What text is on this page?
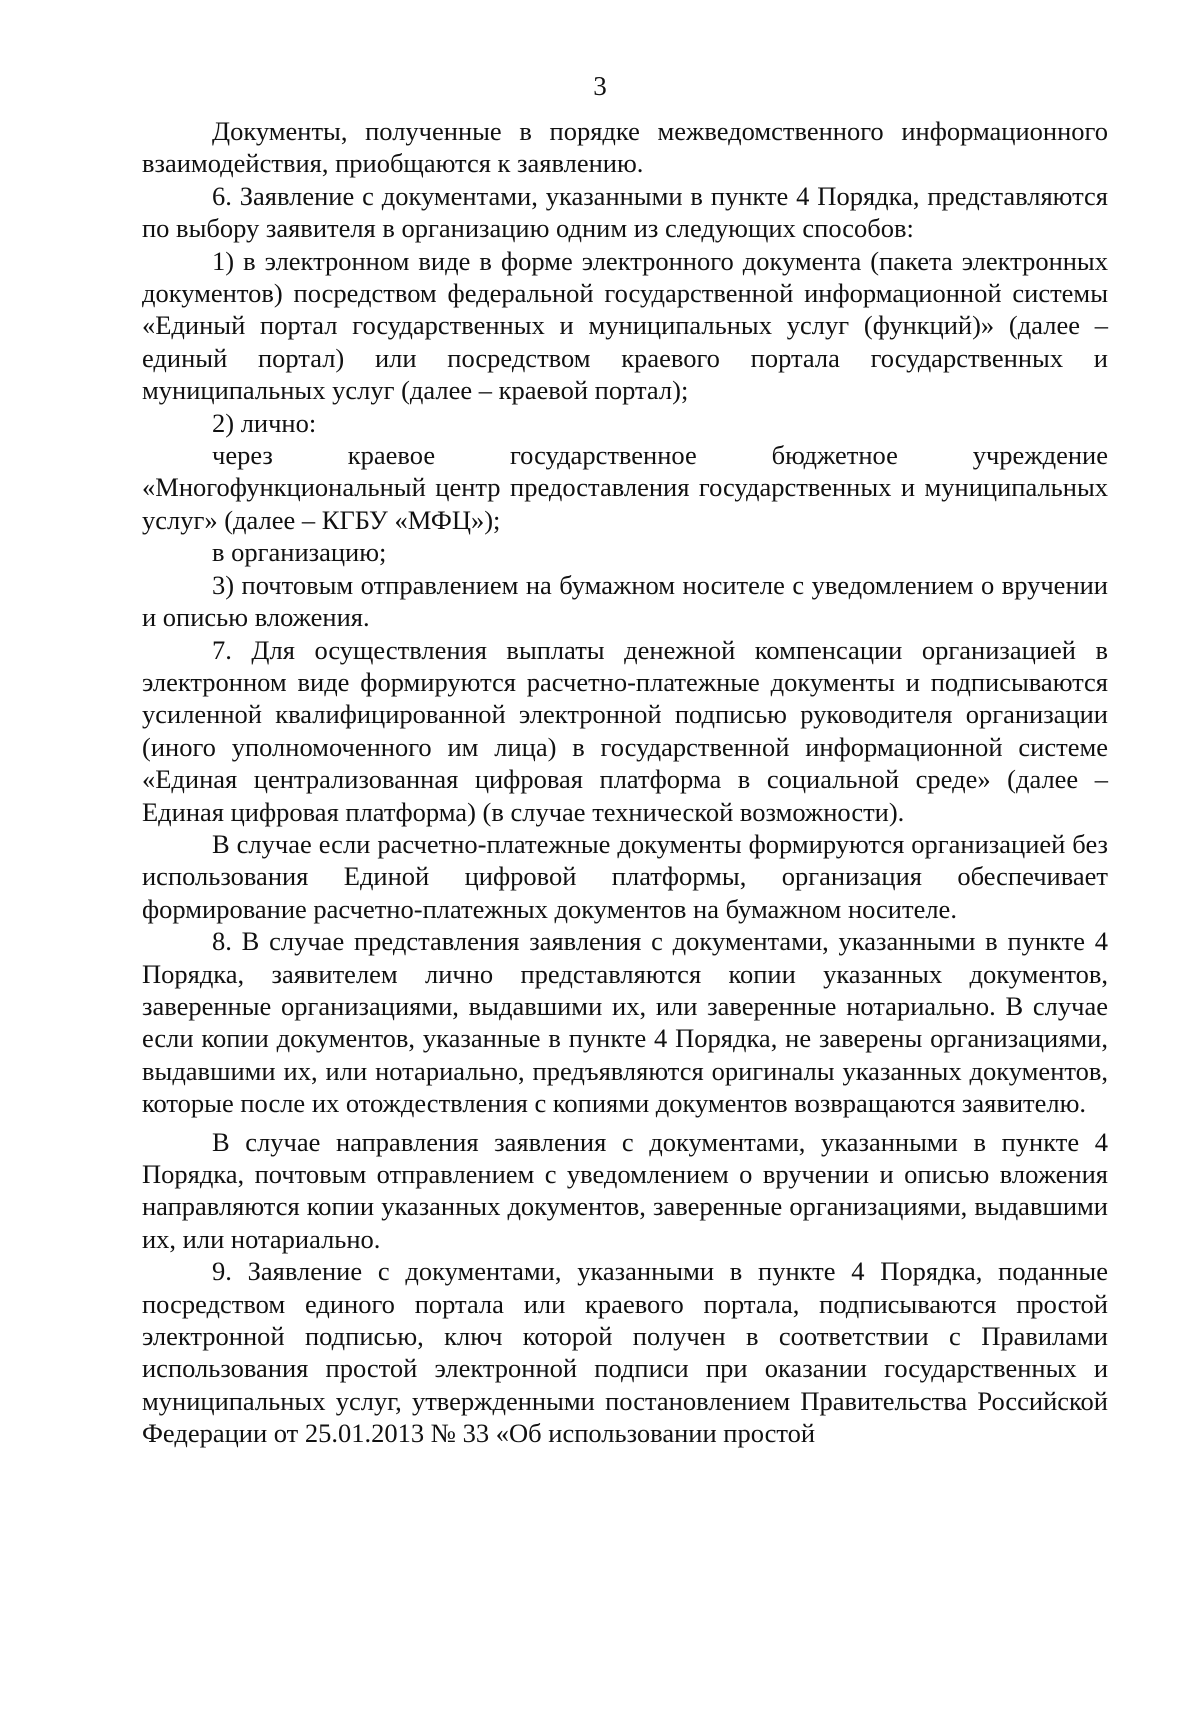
3

Документы, полученные в порядке межведомственного информационного взаимодействия, приобщаются к заявлению.

6. Заявление с документами, указанными в пункте 4 Порядка, представляются по выбору заявителя в организацию одним из следующих способов:

1) в электронном виде в форме электронного документа (пакета электронных документов) посредством федеральной государственной информационной системы «Единый портал государственных и муниципальных услуг (функций)» (далее – единый портал) или посредством краевого портала государственных и муниципальных услуг (далее – краевой портал);

2) лично:

через краевое государственное бюджетное учреждение «Многофункциональный центр предоставления государственных и муниципальных услуг» (далее – КГБУ «МФЦ»);

в организацию;

3) почтовым отправлением на бумажном носителе с уведомлением о вручении и описью вложения.

7. Для осуществления выплаты денежной компенсации организацией в электронном виде формируются расчетно-платежные документы и подписываются усиленной квалифицированной электронной подписью руководителя организации (иного уполномоченного им лица) в государственной информационной системе «Единая централизованная цифровая платформа в социальной среде» (далее – Единая цифровая платформа) (в случае технической возможности).

В случае если расчетно-платежные документы формируются организацией без использования Единой цифровой платформы, организация обеспечивает формирование расчетно-платежных документов на бумажном носителе.

8. В случае представления заявления с документами, указанными в пункте 4 Порядка, заявителем лично представляются копии указанных документов, заверенные организациями, выдавшими их, или заверенные нотариально. В случае если копии документов, указанные в пункте 4 Порядка, не заверены организациями, выдавшими их, или нотариально, предъявляются оригиналы указанных документов, которые после их отождествления с копиями документов возвращаются заявителю.

В случае направления заявления с документами, указанными в пункте 4 Порядка, почтовым отправлением с уведомлением о вручении и описью вложения направляются копии указанных документов, заверенные организациями, выдавшими их, или нотариально.

9. Заявление с документами, указанными в пункте 4 Порядка, поданные посредством единого портала или краевого портала, подписываются простой электронной подписью, ключ которой получен в соответствии с Правилами использования простой электронной подписи при оказании государственных и муниципальных услуг, утвержденными постановлением Правительства Российской Федерации от 25.01.2013 № 33 «Об использовании простой
